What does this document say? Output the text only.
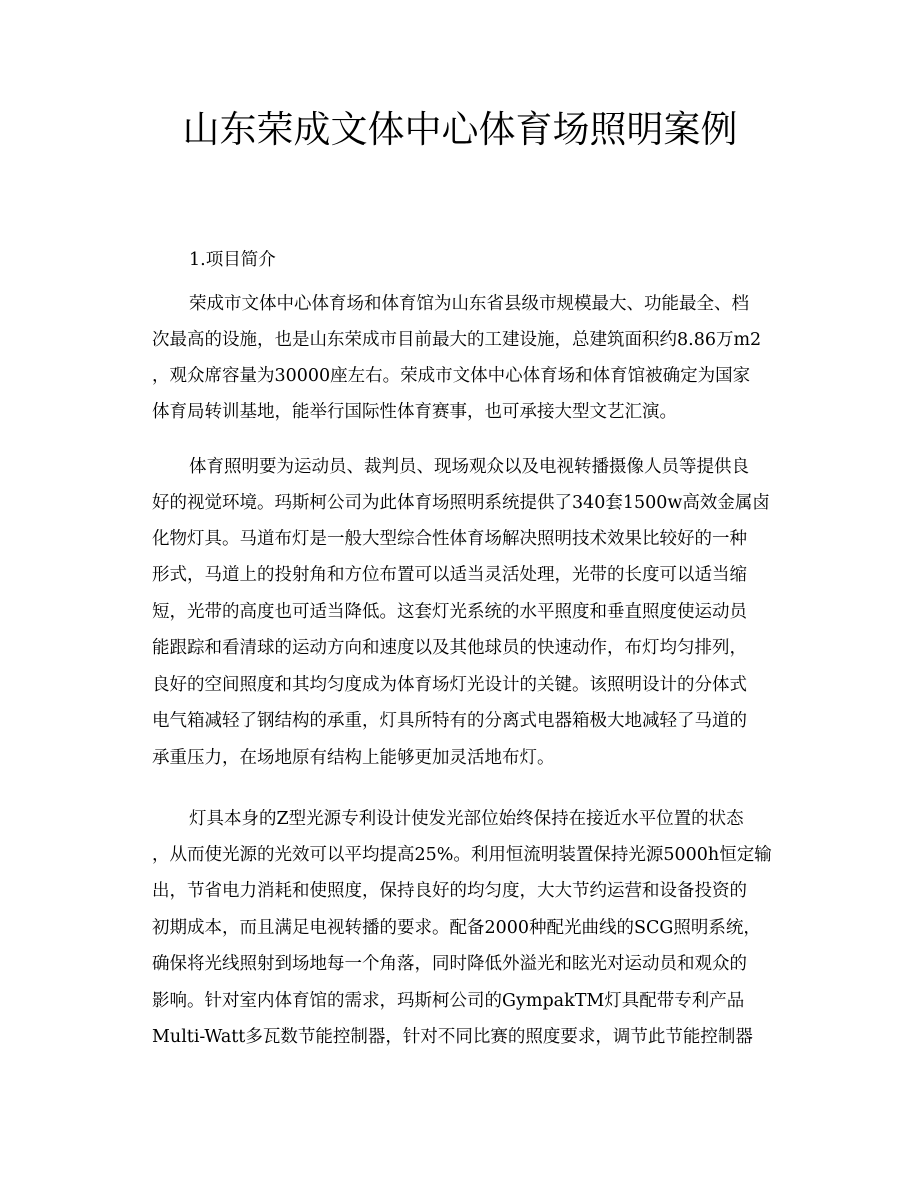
山东荣成文体中心体育场照明案例
1.项目简介
荣成市文体中心体育场和体育馆为山东省县级市规模最大、功能最全、档
次最高的设施，也是山东荣成市目前最大的工建设施，总建筑面积约8.86万m2
，观众席容量为30000座左右。荣成市文体中心体育场和体育馆被确定为国家
体育局转训基地，能举行国际性体育赛事，也可承接大型文艺汇演。
体育照明要为运动员、裁判员、现场观众以及电视转播摄像人员等提供良
好的视觉环境。玛斯柯公司为此体育场照明系统提供了340套1500w高效金属卤
化物灯具。马道布灯是一般大型综合性体育场解决照明技术效果比较好的一种
形式，马道上的投射角和方位布置可以适当灵活处理，光带的长度可以适当缩
短，光带的高度也可适当降低。这套灯光系统的水平照度和垂直照度使运动员
能跟踪和看清球的运动方向和速度以及其他球员的快速动作，布灯均匀排列，
良好的空间照度和其均匀度成为体育场灯光设计的关键。该照明设计的分体式
电气箱减轻了钢结构的承重，灯具所特有的分离式电器箱极大地减轻了马道的
承重压力，在场地原有结构上能够更加灵活地布灯。
灯具本身的Z型光源专利设计使发光部位始终保持在接近水平位置的状态
，从而使光源的光效可以平均提高25%。利用恒流明装置保持光源5000h恒定输
出，节省电力消耗和使照度，保持良好的均匀度，大大节约运营和设备投资的
初期成本，而且满足电视转播的要求。配备2000种配光曲线的SCG照明系统，
确保将光线照射到场地每一个角落，同时降低外溢光和眩光对运动员和观众的
影响。针对室内体育馆的需求，玛斯柯公司的GympakTM灯具配带专利产品
Multi-Watt多瓦数节能控制器，针对不同比赛的照度要求，调节此节能控制器
